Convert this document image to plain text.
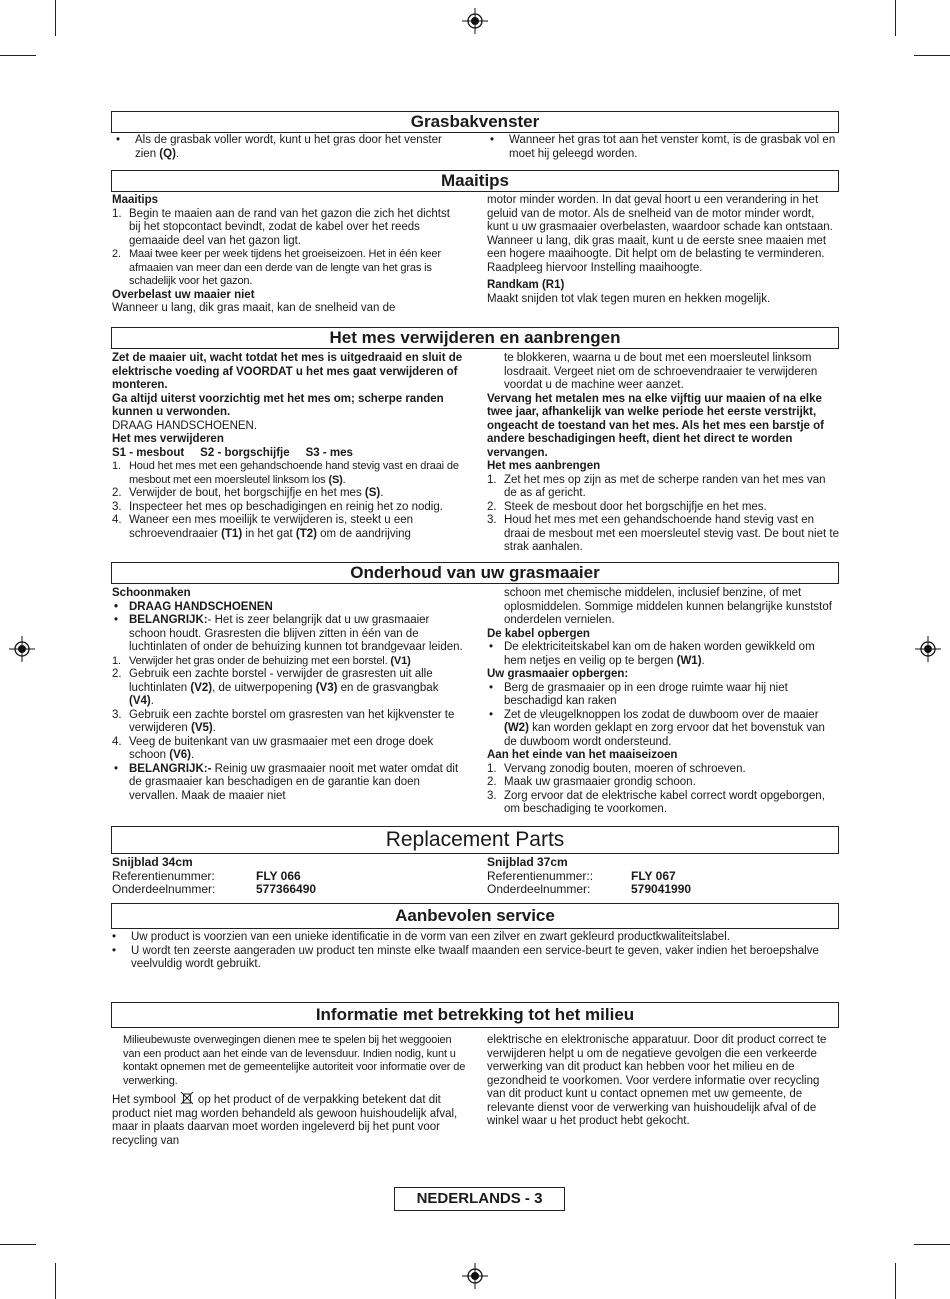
Grasbakvenster

• Als de grasbak voller wordt, kunt u het gras door het venster zien (Q).

• Wanneer het gras tot aan het venster komt, is de grasbak vol en moet hij geleegd worden.

Maaitips

Maaitips

1. Begin te maaien aan de rand van het gazon die zich het dichtst bij het stopcontact bevindt, zodat de kabel over het reeds gemaaide deel van het gazon ligt.

2. Maai twee keer per week tijdens het groeiseizoen. Het in één keer afmaaien van meer dan een derde van de lengte van het gras is schadelijk voor het gazon.

Overbelast uw maaier niet

Wanneer u lang, dik gras maait, kan de snelheid van de

motor minder worden. In dat geval hoort u een verandering in het geluid van de motor. Als de snelheid van de motor minder wordt, kunt u uw grasmaaier overbelasten, waardoor schade kan ontstaan. Wanneer u lang, dik gras maait, kunt u de eerste snee maaien met een hogere maaihoogte. Dit helpt om de belasting te verminderen. Raadpleeg hiervoor Instelling maaihoogte.

Randkam (R1)

Maakt snijden tot vlak tegen muren en hekken mogelijk.

Het mes verwijderen en aanbrengen

Zet de maaier uit, wacht totdat het mes is uitgedraaid en sluit de elektrische voeding af VOORDAT u het mes gaat verwijderen of monteren.

Ga altijd uiterst voorzichtig met het mes om; scherpe randen kunnen u verwonden.

DRAAG HANDSCHOENEN.

Het mes verwijderen

S1 - mesbout     S2 - borgschijfje     S3 - mes

1. Houd het mes met een gehandschoende hand stevig vast en draai de mesbout met een moersleutel linksom los (S).

2. Verwijder de bout, het borgschijfje en het mes (S).

3. Inspecteer het mes op beschadigingen en reinig het zo nodig.

4. Waneer een mes moeilijk te verwijderen is, steekt u een schroevendraaier (T1) in het gat (T2) om de aandrijving

te blokkeren, waarna u de bout met een moersleutel linksom losdraait. Vergeet niet om de schroevendraaier te verwijderen voordat u de machine weer aanzet.

Vervang het metalen mes na elke vijftig uur maaien of na elke twee jaar, afhankelijk van welke periode het eerste verstrijkt, ongeacht de toestand van het mes. Als het mes een barstje of andere beschadigingen heeft, dient het direct te worden vervangen.

Het mes aanbrengen

1. Zet het mes op zijn as met de scherpe randen van het mes van de as af gericht.

2. Steek de mesbout door het borgschijfje en het mes.

3. Houd het mes met een gehandschoende hand stevig vast en draai de mesbout met een moersleutel stevig vast. De bout niet te strak aanhalen.

Onderhoud van uw grasmaaier

Schoonmaken

• DRAAG HANDSCHOENEN

• BELANGRIJK:- Het is zeer belangrijk dat u uw grasmaaier schoon houdt. Grasresten die blijven zitten in één van de luchtinlaten of onder de behuizing kunnen tot brandgevaar leiden.

1. Verwijder het gras onder de behuizing met een borstel. (V1)

2. Gebruik een zachte borstel - verwijder de grasresten uit alle luchtinlaten (V2), de uitwerpopening (V3) en de grasvangbak (V4).

3. Gebruik een zachte borstel om grasresten van het kijkvenster te verwijderen (V5).

4. Veeg de buitenkant van uw grasmaaier met een droge doek schoon (V6).

• BELANGRIJK:- Reinig uw grasmaaier nooit met water omdat dit de grasmaaier kan beschadigen en de garantie kan doen vervallen. Maak de maaier niet

schoon met chemische middelen, inclusief benzine, of met oplosmiddelen. Sommige middelen kunnen belangrijke kunststof onderdelen vernielen.

De kabel opbergen

• De elektriciteitskabel kan om de haken worden gewikkeld om hem netjes en veilig op te bergen (W1).

Uw grasmaaier opbergen:

• Berg de grasmaaier op in een droge ruimte waar hij niet beschadigd kan raken

• Zet de vleugelknoppen los zodat de duwboom over de maaier (W2) kan worden geklapt en zorg ervoor dat het bovenstuk van de duwboom wordt ondersteund.

Aan het einde van het maaiseizoen

1. Vervang zonodig bouten, moeren of schroeven.

2. Maak uw grasmaaier grondig schoon.

3. Zorg ervoor dat de elektrische kabel correct wordt opgeborgen, om beschadiging te voorkomen.

Replacement Parts

Snijblad 34cm

Referentienummer:	FLY 066
Onderdeelnummer:	577366490

Snijblad 37cm

Referentienummer::	FLY 067
Onderdeelnummer:	579041990
Aanbevolen service

• Uw product is voorzien van een unieke identificatie in de vorm van een zilver en zwart gekleurd productkwaliteitslabel.

• U wordt ten zeerste aangeraden uw product ten minste elke twaalf maanden een service-beurt te geven, vaker indien het beroepshalve veelvuldig wordt gebruikt.

Informatie met betrekking tot het milieu

Milieubewuste overwegingen dienen mee te spelen bij het weggooien van een product aan het einde van de levensduur. Indien nodig, kunt u kontakt opnemen met de gemeentelijke autoriteit voor informatie over de verwerking.

Het symbool op het product of de verpakking betekent dat dit product niet mag worden behandeld als gewoon huishoudelijk afval, maar in plaats daarvan moet worden ingeleverd bij het punt voor recycling van

elektrische en elektronische apparatuur. Door dit product correct te verwijderen helpt u om de negatieve gevolgen die een verkeerde verwerking van dit product kan hebben voor het milieu en de gezondheid te voorkomen. Voor verdere informatie over recycling van dit product kunt u contact opnemen met uw gemeente, de relevante dienst voor de verwerking van huishoudelijk afval of de winkel waar u het product hebt gekocht.

NEDERLANDS - 3
